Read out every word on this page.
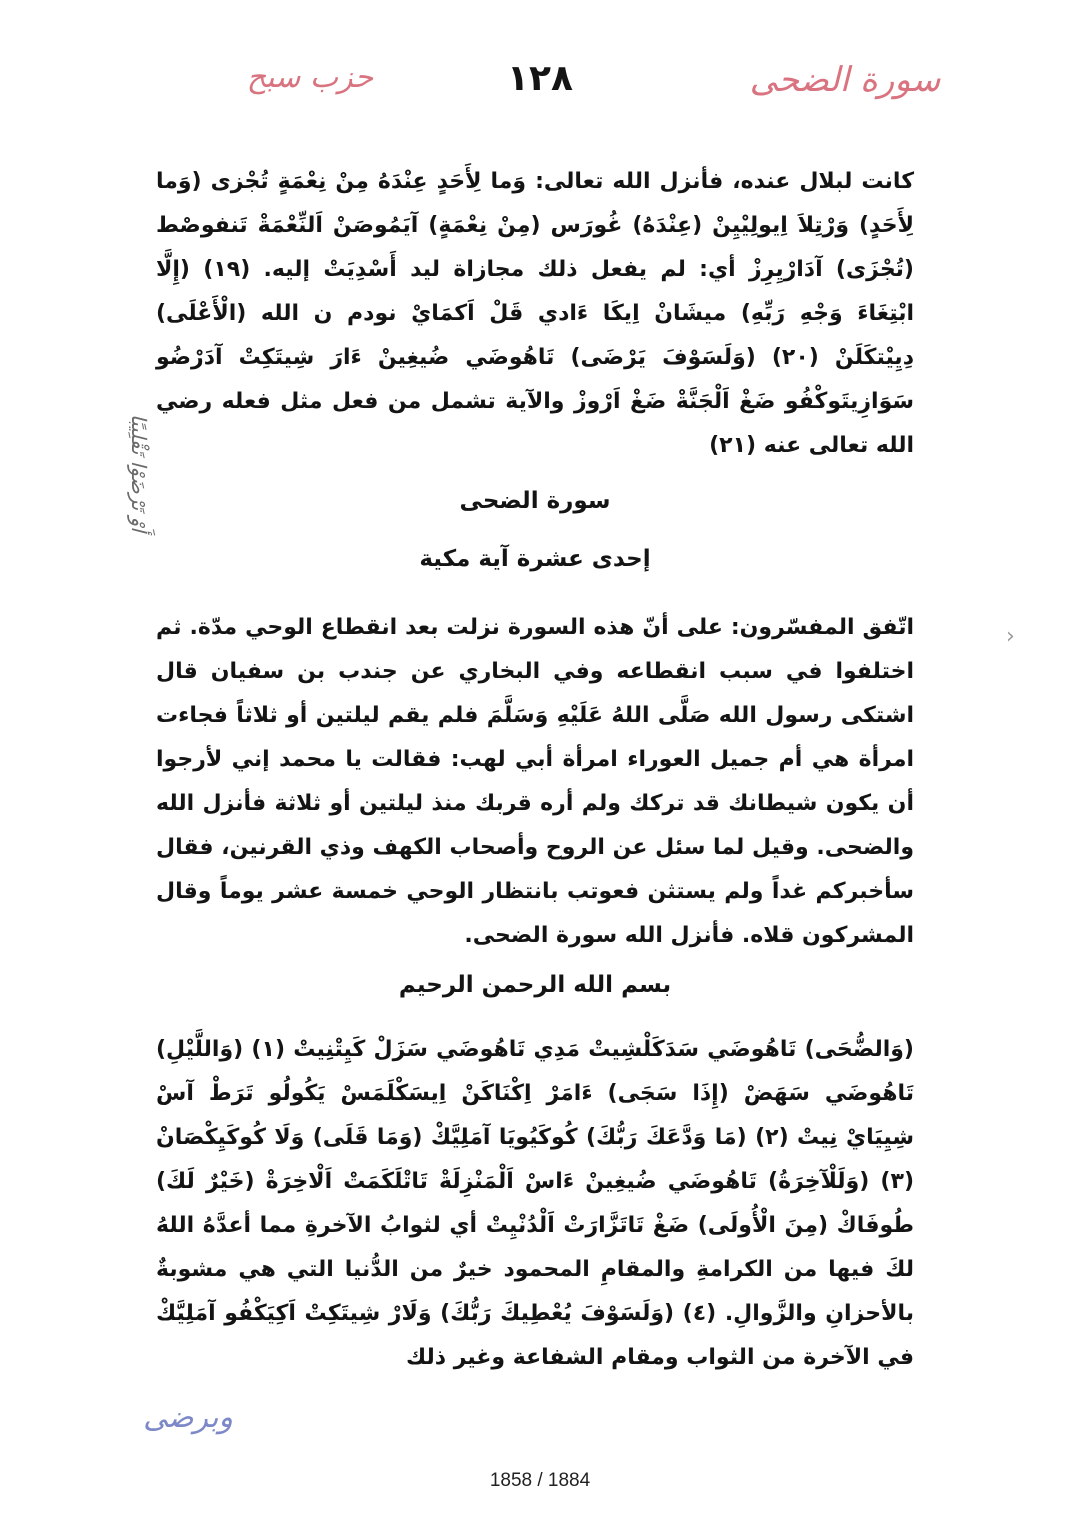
حزب سبح	١٢٨	سورة الضحى
أَوْ تَرْضَوْا تَقْلِيبًا
كانت لبلال عنده، فأنزل الله تعالى: وَما لِأَحَدٍ عِنْدَهُ مِنْ نِعْمَةٍ تُجْزى (وَما لِأَحَدٍ) وَرْتِلاَ اِيولِيْيِنْ (عِنْدَهُ) غُورَس (مِنْ نِعْمَةٍ) آيَمُوصَنْ اَلنِّعْمَةْ تَنفوصْط (تُجْزَى) آدَارْيِرِزْ أي: لم يفعل ذلك مجازاة ليد أَسْدِيَتْ إليه. (١٩) (إِلَّا ابْتِغَاءَ وَجْهِ رَبِّهِ) ميشَانْ اِيكَا ءَادي قَلْ اَكمَايْ نودم ن الله (الْأَعْلَى) دِيِيْتكَلَنْ (٢٠) (وَلَسَوْفَ يَرْضَى) تَاهُوضَي ضُيغِينْ ءَارَ شِيتَكِتْ آدَرْضُو سَوَازِيتَوكْفُو ضَغْ اَلْجَنَّةْ ضَغْ اَرْوزْ والآية تشمل من فعل مثل فعله رضي الله تعالى عنه (٢١)
سورة الضحى
إحدى عشرة آية مكية
›
اتّفق المفسّرون: على أنّ هذه السورة نزلت بعد انقطاع الوحي مدّة. ثم اختلفوا في سبب انقطاعه وفي البخاري عن جندب بن سفيان قال اشتكى رسول الله صَلَّى اللهُ عَلَيْهِ وَسَلَّمَ فلم يقم ليلتين أو ثلاثاً فجاءت امرأة هي أم جميل العوراء امرأة أبي لهب: فقالت يا محمد إني لأرجوا أن يكون شيطانك قد تركك ولم أره قربك منذ ليلتين أو ثلاثة فأنزل الله والضحى. وقيل لما سئل عن الروح وأصحاب الكهف وذي القرنين، فقال سأخبركم غداً ولم يستثن فعوتب بانتظار الوحي خمسة عشر يوماً وقال المشركون قلاه. فأنزل الله سورة الضحى.
بسم الله الرحمن الرحيم
(وَالضُّحَى) تَاهُوضَي سَدَكَلْشِيتْ مَدِي تَاهُوضَي سَزَلْ كَيِتْنِيتْ (١) (وَاللَّيْلِ) تَاهُوضَي سَهَضْ (إِذَا سَجَى) ءَامَرْ اِكْنَاكَنْ اِيسَكْلَمَسْ يَكُولُو تَرَطْ آسْ شِيِيَايْ نِيتْ (٢) (مَا وَدَّعَكَ رَبُّكَ) كُوكَيُويَا آمَلِيَّكْ (وَمَا قَلَى) وَلَا كُوكَيِكْصَانْ (٣) (وَلَلْآخِرَةُ) تَاهُوضَي ضُيغِينْ ءَاسْ اَلْمَنْزِلَةْ تَاتْلَكَمَتْ اَلْاخِرَةْ (خَيْرٌ لَكَ) طُوفَاكْ (مِنَ الْأُولَى) ضَغْ تَاتَزَّارَتْ اَلْدُنْيِتْ أي لثوابُ الآخرةِ مما أعدَّهُ اللهُ لكَ فيها من الكرامةِ والمقامِ المحمود خيرٌ من الدُّنيا التي هي مشوبةٌ بالأحزانِ والزَّوالِ. (٤) (وَلَسَوْفَ يُعْطِيكَ رَبُّكَ) وَلَارْ شِيتَكِتْ اَكِيَكْفُو آمَلِيَّكْ في الآخرة من الثواب ومقام الشفاعة وغير ذلك
وبرضى
1858 / 1884
